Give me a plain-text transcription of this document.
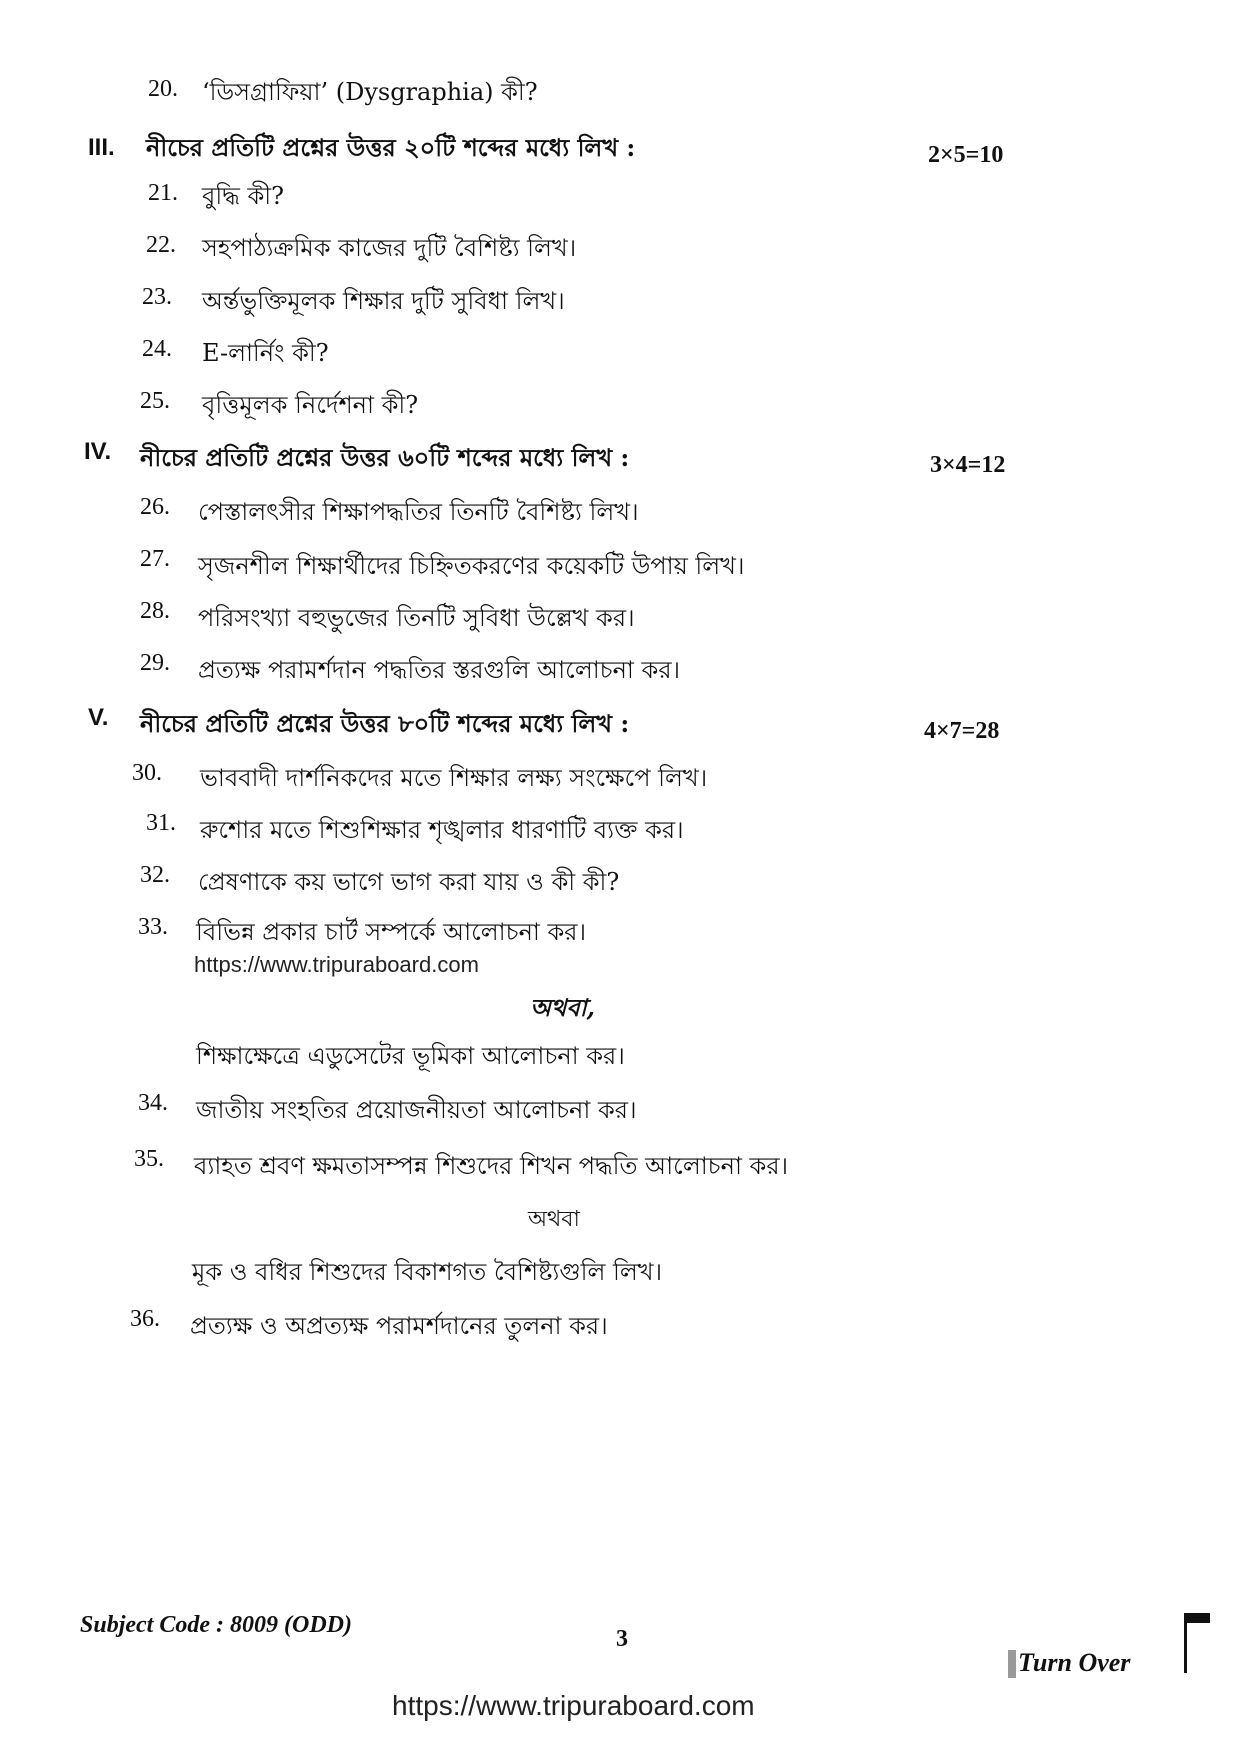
20. ‘ডিসগ্রাফিয়া’ (Dysgraphia) কী?
III. নীচের প্রতিটি প্রশ্নের উত্তর ২০টি শব্দের মধ্যে লিখ :	2×5=10
21. বুদ্ধি কী?
22. সহপাঠ্যক্রমিক কাজের দুটি বৈশিষ্ট্য লিখ।
23. অর্ন্তভুক্তিমূলক শিক্ষার দুটি সুবিধা লিখ।
24. E-লার্নিং কী?
25. বৃত্তিমূলক নির্দেশনা কী?
IV. নীচের প্রতিটি প্রশ্নের উত্তর ৬০টি শব্দের মধ্যে লিখ :	3×4=12
26. পেস্তালৎসীর শিক্ষাপদ্ধতির তিনটি বৈশিষ্ট্য লিখ।
27. সৃজনশীল শিক্ষার্থীদের চিহ্নিতকরণের কয়েকটি উপায় লিখ।
28. পরিসংখ্যা বহুভুজের তিনটি সুবিধা উল্লেখ কর।
29. প্রত্যক্ষ পরামর্শদান পদ্ধতির স্তরগুলি আলোচনা কর।
V. নীচের প্রতিটি প্রশ্নের উত্তর ৮০টি শব্দের মধ্যে লিখ :	4×7=28
30. ভাববাদী দার্শনিকদের মতে শিক্ষার লক্ষ্য সংক্ষেপে লিখ।
31. রুশোর মতে শিশুশিক্ষার শৃঙ্খলার ধারণাটি ব্যক্ত কর।
32. প্রেষণাকে কয় ভাগে ভাগ করা যায় ও কী কী?
33. বিভিন্ন প্রকার চার্ট সম্পর্কে আলোচনা কর।
https://www.tripuraboard.com
অথবা,
শিক্ষাক্ষেত্রে এডুসেটের ভূমিকা আলোচনা কর।
34. জাতীয় সংহতির প্রয়োজনীয়তা আলোচনা কর।
35. ব্যাহত শ্রবণ ক্ষমতাসম্পন্ন শিশুদের শিখন পদ্ধতি আলোচনা কর।
অথবা
মূক ও বধির শিশুদের বিকাশগত বৈশিষ্ট্যগুলি লিখ।
36. প্রত্যক্ষ ও অপ্রত্যক্ষ পরামর্শদানের তুলনা কর।
Subject Code : 8009 (ODD)
3
Turn Over
https://www.tripuraboard.com
